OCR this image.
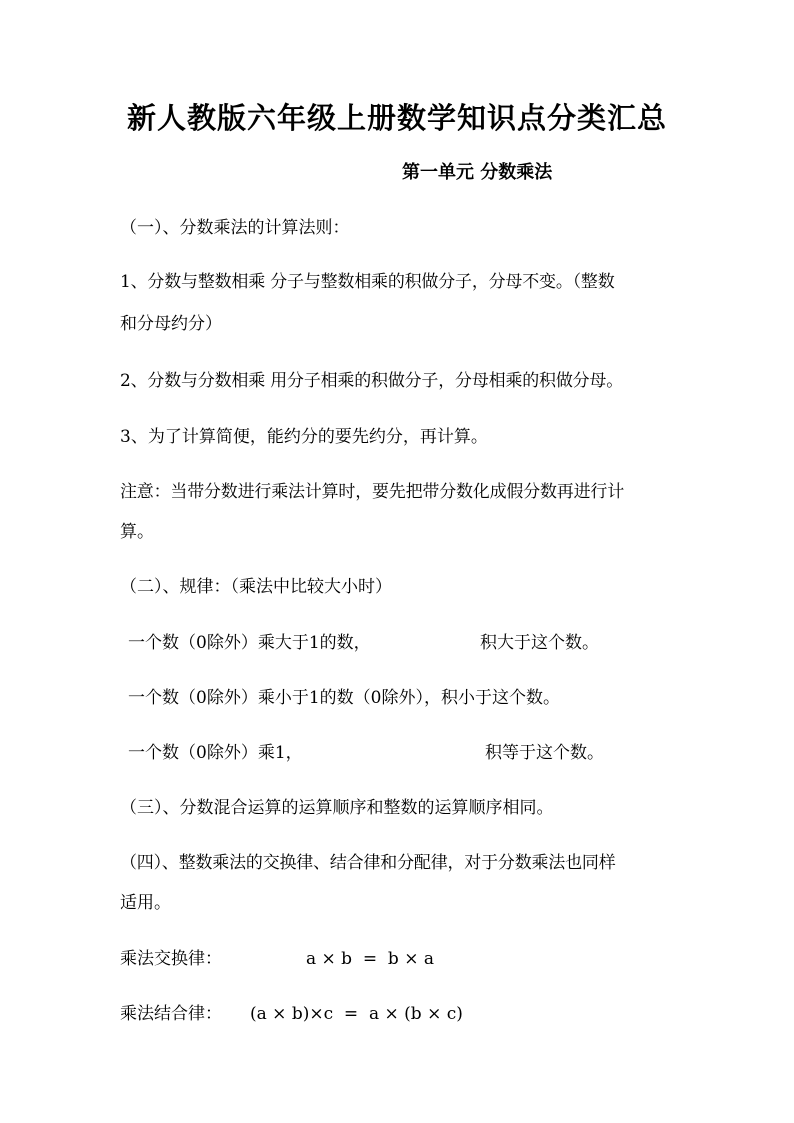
新人教版六年级上册数学知识点分类汇总
第一单元 分数乘法
（一）、分数乘法的计算法则：
1、分数与整数相乘 分子与整数相乘的积做分子，分母不变。（整数
和分母约分）
2、分数与分数相乘 用分子相乘的积做分子，分母相乘的积做分母。
3、为了计算简便，能约分的要先约分，再计算。
注意：当带分数进行乘法计算时，要先把带分数化成假分数再进行计
算。
（二）、规律：（乘法中比较大小时）
一个数（0除外）乘大于1的数，	积大于这个数。
一个数（0除外）乘小于1的数（0除外），积小于这个数。
一个数（0除外）乘1，	积等于这个数。
（三）、分数混合运算的运算顺序和整数的运算顺序相同。
（四）、整数乘法的交换律、结合律和分配律，对于分数乘法也同样
适用。
乘法交换律：	a × b  =  b × a
乘法结合律：	(a × b)×c  =  a × (b × c)
